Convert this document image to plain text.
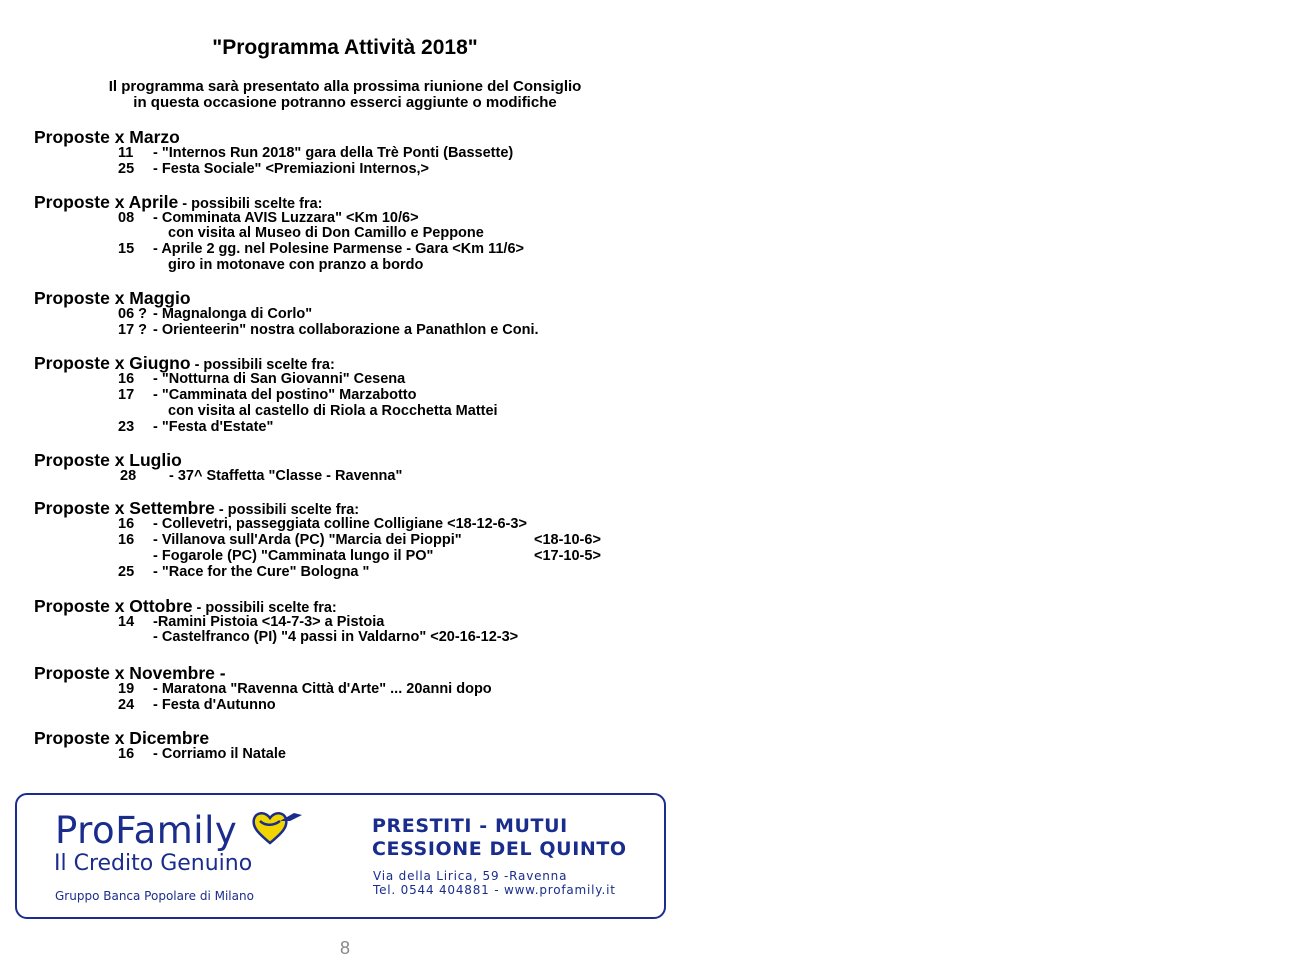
"Programma Attività 2018"
Il programma sarà presentato alla prossima riunione del Consiglio
in questa occasione potranno esserci aggiunte o modifiche
Proposte x Marzo
11 - "Internos Run 2018" gara della Trè Ponti (Bassette)
25 - Festa Sociale" <Premiazioni Internos,>
Proposte x Aprile - possibili scelte fra:
08 - Comminata AVIS Luzzara" <Km 10/6>
con visita al Museo di Don Camillo e Peppone
15 - Aprile 2 gg. nel Polesine Parmense - Gara <Km 11/6>
giro in motonave con pranzo a bordo
Proposte x Maggio
06 ? - Magnalonga di Corlo"
17 ? - Orienteerin" nostra collaborazione a Panathlon e Coni.
Proposte x Giugno - possibili scelte fra:
16 - "Notturna di San Giovanni" Cesena
17 - "Camminata del postino" Marzabotto
con visita al castello di Riola a Rocchetta Mattei
23 - "Festa d'Estate"
Proposte x Luglio
28 - 37^ Staffetta "Classe - Ravenna"
Proposte x Settembre - possibili scelte fra:
16 - Collevetri, passeggiata colline Colligiane <18-12-6-3>
16 - Villanova sull'Arda (PC) "Marcia dei Pioppi"	<18-10-6>
- Fogarole (PC) "Camminata lungo il PO"	<17-10-5>
25 - "Race for the Cure" Bologna "
Proposte x Ottobre - possibili scelte fra:
14 -Ramini Pistoia <14-7-3> a Pistoia
- Castelfranco (PI) "4 passi in Valdarno" <20-16-12-3>
Proposte x Novembre -
19 - Maratona "Ravenna Città d'Arte" ... 20anni dopo
24 - Festa d'Autunno
Proposte x Dicembre
16 - Corriamo il Natale
ProFamily
Il Credito Genuino
Gruppo Banca Popolare di Milano
PRESTITI - MUTUI
CESSIONE DEL QUINTO
Via della Lirica, 59 -Ravenna
Tel. 0544 404881 - www.profamily.it
8
